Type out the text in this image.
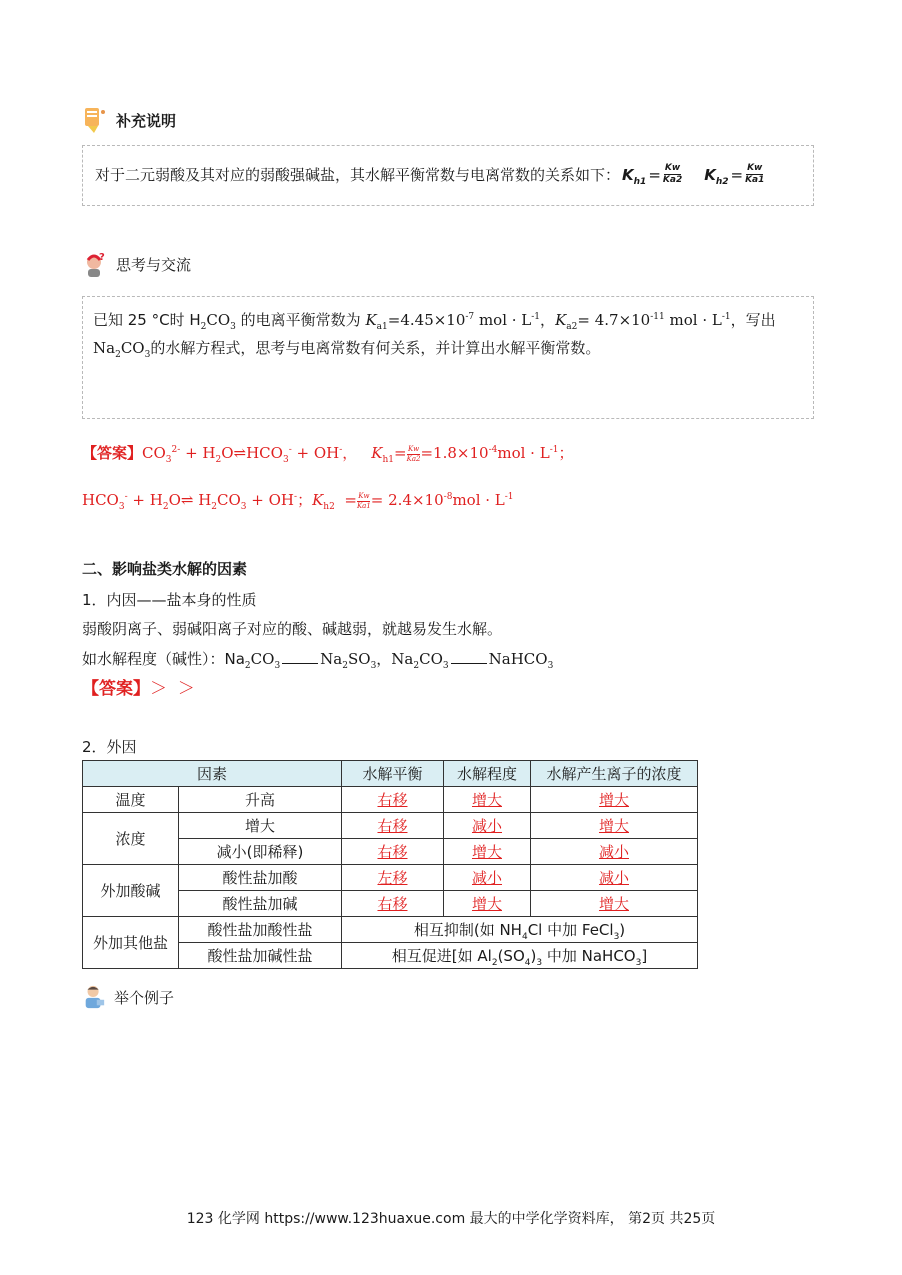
补充说明
对于二元弱酸及其对应的弱酸强碱盐，其水解平衡常数与电离常数的关系如下： $K_{h1} = \frac{Kw}{Ka2} K_{h2} = \frac{Kw}{Ka1}$
? 思考与交流
已知 25 °C时 $H_2CO_3$ 的电离平衡常数为 $K_{a1}=4.45\times 10^{-7}$ mol · $L^{-1}$，$K_{a2}= 4.7\times 10^{-11}$ mol · $L^{-1}$，写出
$Na_2CO_3$的水解方程式，思考与电离常数有何关系，并计算出水解平衡常数。
【答案】$CO_3^{2-}$ + $H_2O\rightleftharpoons HCO_3^- + OH^-$， $K_{h1}= \frac{Kw}{Ka2} =1.8\times 10^{-4}mol \cdot L^{-1}$；
$HCO_3^-$ + $H_2O\rightleftharpoons$ $H_2CO_3 + OH^-$；$K_{h2} = \frac{Kw}{Ka1} = 2.4\times 10^{-8}mol \cdot L^{-1}$
二、影响盐类水解的因素
1．内因——盐本身的性质
弱酸阴离子、弱碱阳离子对应的酸、碱越弱，就越易发生水解。
如水解程度（碱性）：$Na_2CO_3$	$Na_2SO_3$，$Na_2CO_3$	NaHCO$_3$
【答案】＞  ＞
2．外因
因素		水解平衡	水解程度	水解产生离子的浓度
温度	升高	右移	增大	增大
浓度	增大	右移	减小	增大
	减小(即稀释)	右移	增大	减小
外加酸碱	酸性盐加酸	左移	减小	减小
	酸性盐加碱	右移	增大	增大
外加其他盐	酸性盐加酸性盐	相互抑制(如 $NH_4Cl$ 中加 FeCl$_3$)		
	酸性盐加碱性盐	相互促进[如 $Al_2(SO_4)_3$ 中加 NaHCO$_3$]		
举个例子
123 化学网 https://www.123huaxue.com 最大的中学化学资料库， 第2页 共25页
